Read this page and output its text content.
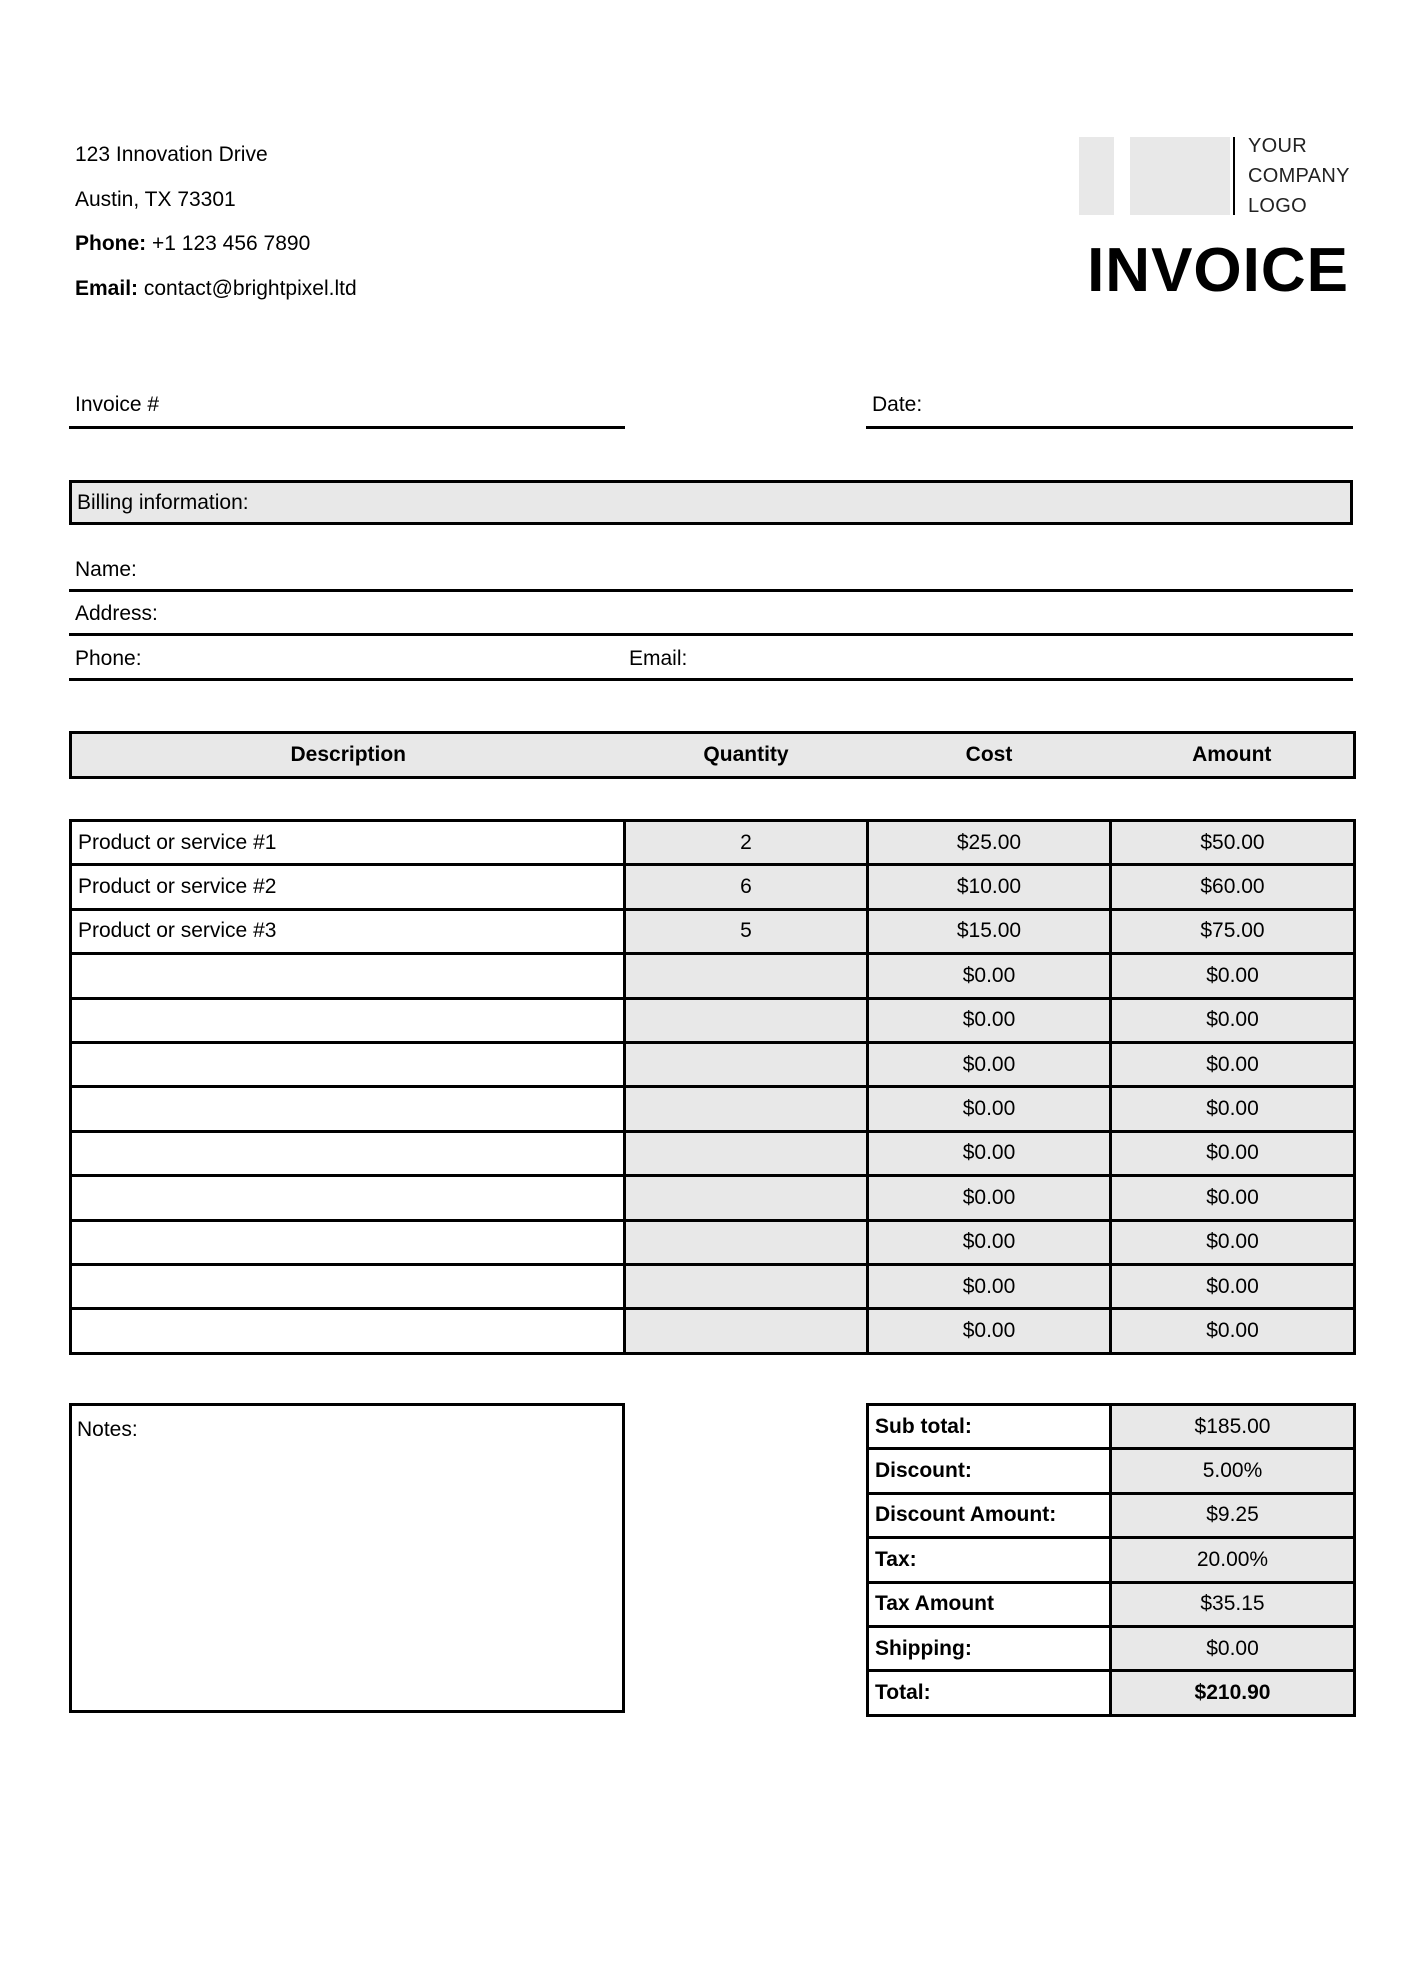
123 Innovation Drive
Austin, TX 73301
Phone: +1 123 456 7890
Email: contact@brightpixel.ltd
YOUR
COMPANY
LOGO
INVOICE
Invoice #	Date:
Billing information:
Name:
Address:
Phone:	Email:
Description	Quantity	Cost	Amount
Product or service #1	2	$25.00	$50.00
Product or service #2	6	$10.00	$60.00
Product or service #3	5	$15.00	$75.00
		$0.00	$0.00
		$0.00	$0.00
		$0.00	$0.00
		$0.00	$0.00
		$0.00	$0.00
		$0.00	$0.00
		$0.00	$0.00
		$0.00	$0.00
		$0.00	$0.00
Notes:	Sub total:	$185.00
Discount:	5.00%
Discount Amount:	$9.25
Tax:	20.00%
Tax Amount	$35.15
Shipping:	$0.00
Total:	$210.90
